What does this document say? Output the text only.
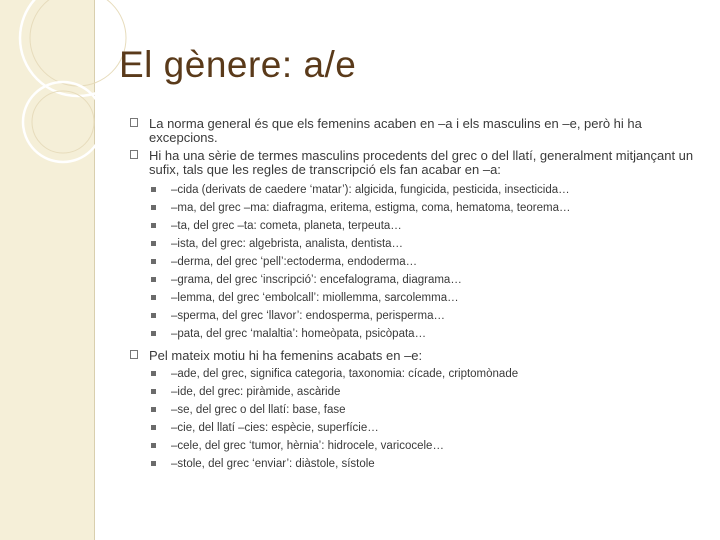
El gènere: a/e
La norma general és que els femenins acaben en –a i els masculins en –e, però hi ha excepcions.
Hi ha una sèrie de termes masculins procedents del grec o del llatí, generalment mitjançant un sufix, tals que les regles de transcripció els fan acabar en –a:
–cida (derivats de caedere ‘matar’): algicida, fungicida, pesticida, insecticida…
–ma, del grec –ma: diafragma, eritema, estigma, coma, hematoma, teorema…
–ta, del grec –ta: cometa, planeta, terpeuta…
–ista, del grec: algebrista, analista, dentista…
–derma, del grec ‘pell’:ectoderma, endoderma…
–grama, del grec ‘inscripció’: encefalograma, diagrama…
–lemma, del grec ‘embolcall’: miollemma, sarcolemma…
–sperma, del grec ‘llavor’: endosperma, perisperma…
–pata, del grec ‘malaltia’: homeòpata, psicòpata…
Pel mateix motiu hi ha femenins acabats en –e:
–ade, del grec, significa categoria, taxonomia: cícade, criptomònade
–ide, del grec: piràmide, ascàride
–se, del grec o del llatí: base, fase
–cie, del llatí –cies: espècie, superfície…
–cele, del grec ‘tumor, hèrnia’: hidrocele, varicocele…
–stole, del grec ‘enviar’: diàstole, sístole
